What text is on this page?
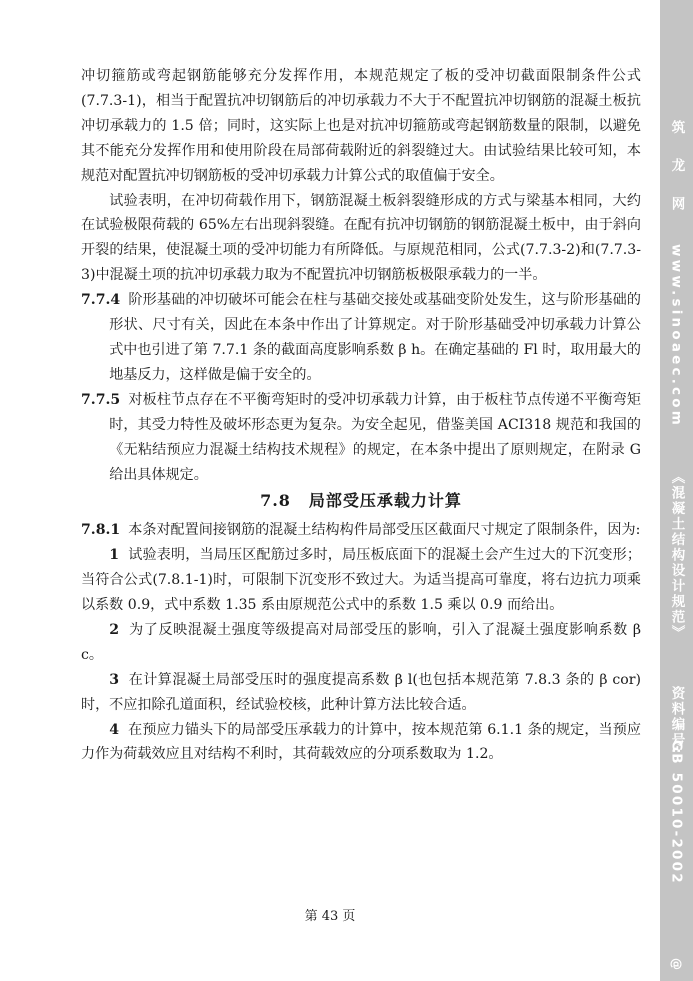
冲切箍筋或弯起钢筋能够充分发挥作用，本规范规定了板的受冲切截面限制条件公式(7.7.3-1)，相当于配置抗冲切钢筋后的冲切承载力不大于不配置抗冲切钢筋的混凝土板抗冲切承载力的 1.5 倍；同时，这实际上也是对抗冲切箍筋或弯起钢筋数量的限制，以避免其不能充分发挥作用和使用阶段在局部荷载附近的斜裂缝过大。由试验结果比较可知，本规范对配置抗冲切钢筋板的受冲切承载力计算公式的取值偏于安全。

试验表明，在冲切荷载作用下，钢筋混凝土板斜裂缝形成的方式与梁基本相同，大约在试验极限荷载的 65%左右出现斜裂缝。在配有抗冲切钢筋的钢筋混凝土板中，由于斜向开裂的结果，使混凝土项的受冲切能力有所降低。与原规范相同，公式(7.7.3-2)和(7.7.3-3)中混凝土项的抗冲切承载力取为不配置抗冲切钢筋板极限承载力的一半。

7.7.4 阶形基础的冲切破坏可能会在柱与基础交接处或基础变阶处发生，这与阶形基础的形状、尺寸有关，因此在本条中作出了计算规定。对于阶形基础受冲切承载力计算公式中也引进了第 7.7.1 条的截面高度影响系数 β h。在确定基础的 Fl 时，取用最大的地基反力，这样做是偏于安全的。

7.7.5 对板柱节点存在不平衡弯矩时的受冲切承载力计算，由于板柱节点传递不平衡弯矩时，其受力特性及破坏形态更为复杂。为安全起见，借鉴美国 ACI318 规范和我国的《无粘结预应力混凝土结构技术规程》的规定，在本条中提出了原则规定，在附录 G 给出具体规定。

7.8 局部受压承载力计算

7.8.1 本条对配置间接钢筋的混凝土结构构件局部受压区截面尺寸规定了限制条件，因为:

1 试验表明，当局压区配筋过多时，局压板底面下的混凝土会产生过大的下沉变形；当符合公式(7.8.1-1)时，可限制下沉变形不致过大。为适当提高可靠度，将右边抗力项乘以系数 0.9，式中系数 1.35 系由原规范公式中的系数 1.5 乘以 0.9 而给出。

2 为了反映混凝土强度等级提高对局部受压的影响，引入了混凝土强度影响系数 β c。

3 在计算混凝土局部受压时的强度提高系数 β l(也包括本规范第 7.8.3 条的 β cor)时，不应扣除孔道面积，经试验校核，此种计算方法比较合适。

4 在预应力锚头下的局部受压承载力的计算中，按本规范第 6.1.1 条的规定，当预应力作为荷载效应且对结构不利时，其荷载效应的分项系数取为 1.2。

第 43 页
筑 龙 网
www.sinoaec.com
《混凝土结构设计规范》
资料编号:
GB 50010-2002
@
